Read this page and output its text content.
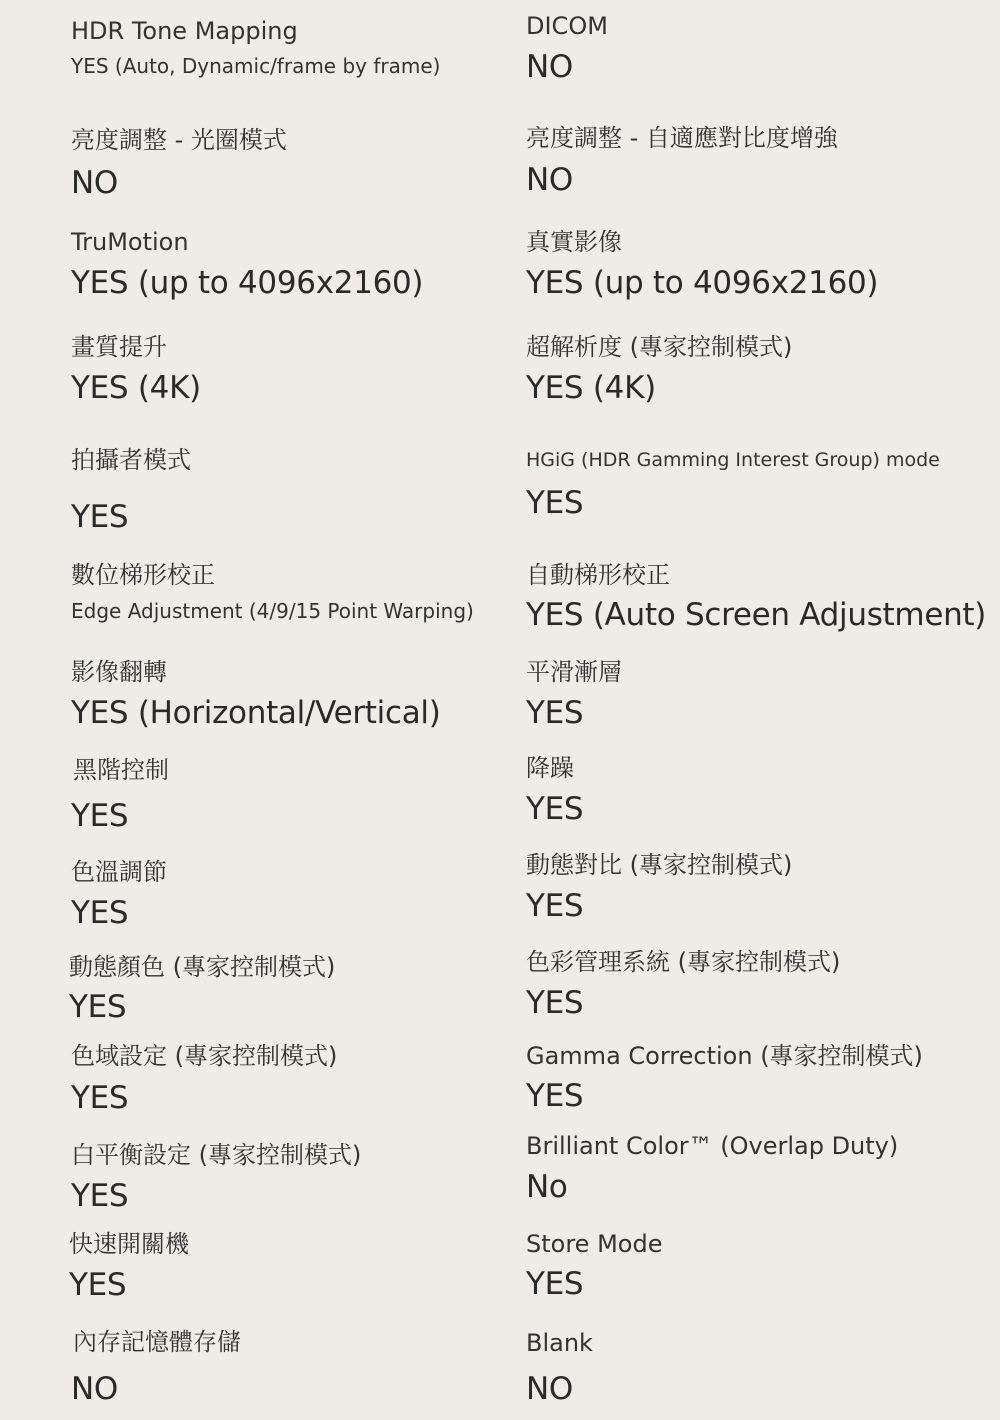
HDR Tone Mapping
YES (Auto, Dynamic/frame by frame)
DICOM
NO
亮度調整 - 光圈模式
NO
亮度調整 - 自適應對比度增強
NO
TruMotion
YES (up to 4096x2160)
真實影像
YES (up to 4096x2160)
畫質提升
YES (4K)
超解析度 (專家控制模式)
YES (4K)
拍攝者模式
YES
HGiG (HDR Gamming Interest Group) mode
YES
數位梯形校正
Edge Adjustment (4/9/15 Point Warping)
自動梯形校正
YES (Auto Screen Adjustment)
影像翻轉
YES (Horizontal/Vertical)
平滑漸層
YES
黑階控制
YES
降躁
YES
色溫調節
YES
動態對比 (專家控制模式)
YES
動態顏色 (專家控制模式)
YES
色彩管理系統 (專家控制模式)
YES
色域設定 (專家控制模式)
YES
Gamma Correction (專家控制模式)
YES
白平衡設定 (專家控制模式)
YES
Brilliant Color™ (Overlap Duty)
No
快速開關機
YES
Store Mode
YES
內存記憶體存儲
NO
Blank
NO
